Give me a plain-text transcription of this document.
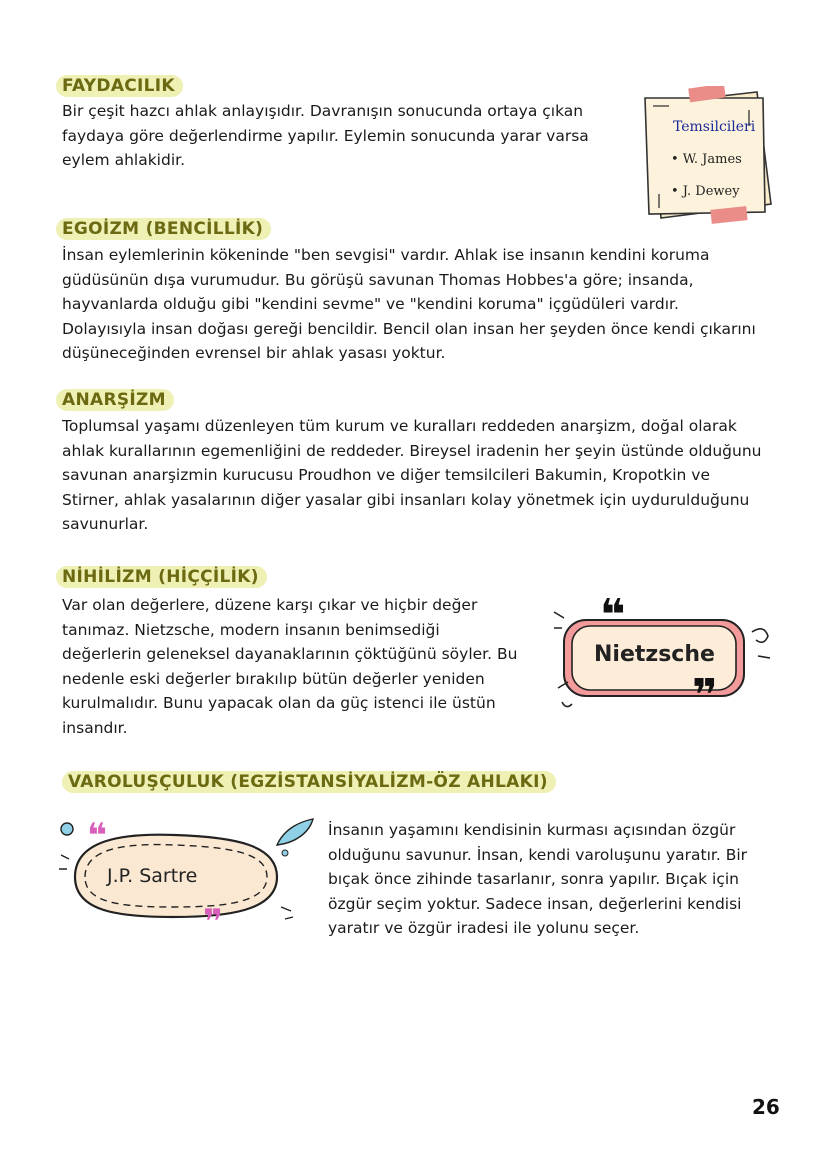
FAYDACILIK
Bir çeşit hazcı ahlak anlayışıdır. Davranışın sonucunda ortaya çıkan faydaya göre değerlendirme yapılır. Eylemin sonucunda yarar varsa eylem ahlakidir.
Temsilcileri
• W. James
• J. Dewey
EGOİZM (BENCİLLİK)
İnsan eylemlerinin kökeninde "ben sevgisi" vardır. Ahlak ise insanın kendini koruma güdüsünün dışa vurumudur. Bu görüşü savunan Thomas Hobbes'a göre; insanda, hayvanlarda olduğu gibi "kendini sevme" ve "kendini koruma" içgüdüleri vardır. Dolayısıyla insan doğası gereği bencildir. Bencil olan insan her şeyden önce kendi çıkarını düşüneceğinden evrensel bir ahlak yasası yoktur.
ANARŞİZM
Toplumsal yaşamı düzenleyen tüm kurum ve kuralları reddeden anarşizm, doğal olarak ahlak kurallarının egemenliğini de reddeder. Bireysel iradenin her şeyin üstünde olduğunu savunan anarşizmin kurucusu Proudhon ve diğer temsilcileri Bakumin, Kropotkin ve Stirner, ahlak yasalarının diğer yasalar gibi insanları kolay yönetmek için uydurulduğunu savunurlar.
NİHİLİZM (HİÇÇİLİK)
Var olan değerlere, düzene karşı çıkar ve hiçbir değer tanımaz. Nietzsche, modern insanın benimsediği değerlerin geleneksel dayanaklarının çöktüğünü söyler. Bu nedenle eski değerler bırakılıp bütün değerler yeniden kurulmalıdır. Bunu yapacak olan da güç istenci ile üstün insandır.
❝
❞
Nietzsche
VAROLUŞÇULUK (EGZİSTANSİYALİZM-ÖZ AHLAKI)
❝
❞
J.P. Sartre
İnsanın yaşamını kendisinin kurması açısından özgür olduğunu savunur. İnsan, kendi varoluşunu yaratır. Bir bıçak önce zihinde tasarlanır, sonra yapılır. Bıçak için özgür seçim yoktur. Sadece insan, değerlerini kendisi yaratır ve özgür iradesi ile yolunu seçer.
26
